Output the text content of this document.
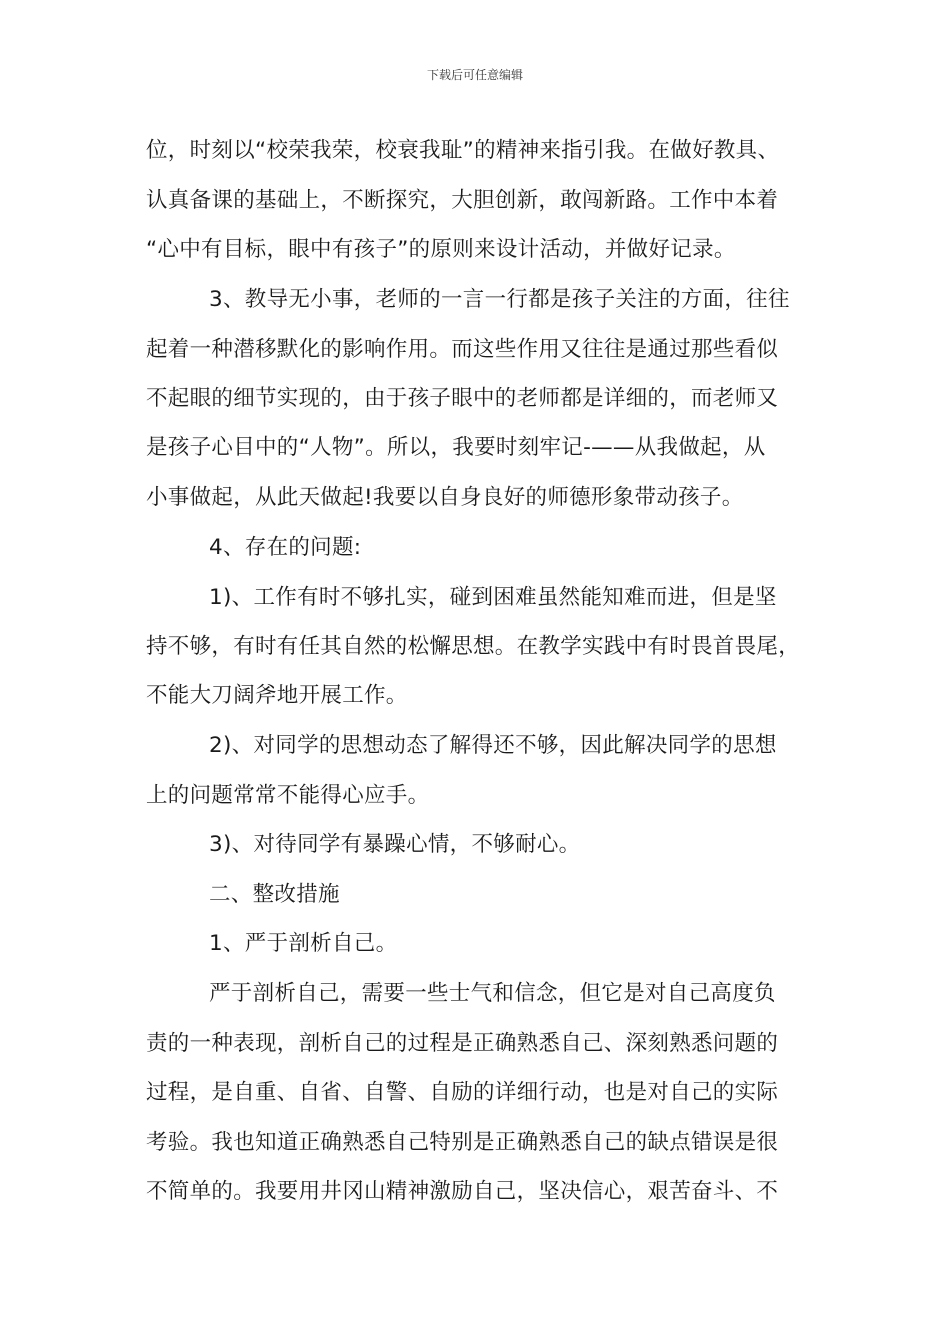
下载后可任意编辑
位，时刻以“校荣我荣，校衰我耻”的精神来指引我。在做好教具、
认真备课的基础上，不断探究，大胆创新，敢闯新路。工作中本着
“心中有目标，眼中有孩子”的原则来设计活动，并做好记录。
3、教导无小事，老师的一言一行都是孩子关注的方面，往往
起着一种潜移默化的影响作用。而这些作用又往往是通过那些看似
不起眼的细节实现的，由于孩子眼中的老师都是详细的，而老师又
是孩子心目中的“人物”。所以，我要时刻牢记-——从我做起，从
小事做起，从此天做起!我要以自身良好的师德形象带动孩子。
4、存在的问题:
1)、工作有时不够扎实，碰到困难虽然能知难而进，但是坚
持不够，有时有任其自然的松懈思想。在教学实践中有时畏首畏尾，
不能大刀阔斧地开展工作。
2)、对同学的思想动态了解得还不够，因此解决同学的思想
上的问题常常不能得心应手。
3)、对待同学有暴躁心情，不够耐心。
二、整改措施
1、严于剖析自己。
严于剖析自己，需要一些士气和信念，但它是对自己高度负
责的一种表现，剖析自己的过程是正确熟悉自己、深刻熟悉问题的
过程，是自重、自省、自警、自励的详细行动，也是对自己的实际
考验。我也知道正确熟悉自己特别是正确熟悉自己的缺点错误是很
不简单的。我要用井冈山精神激励自己，坚决信心，艰苦奋斗、不
